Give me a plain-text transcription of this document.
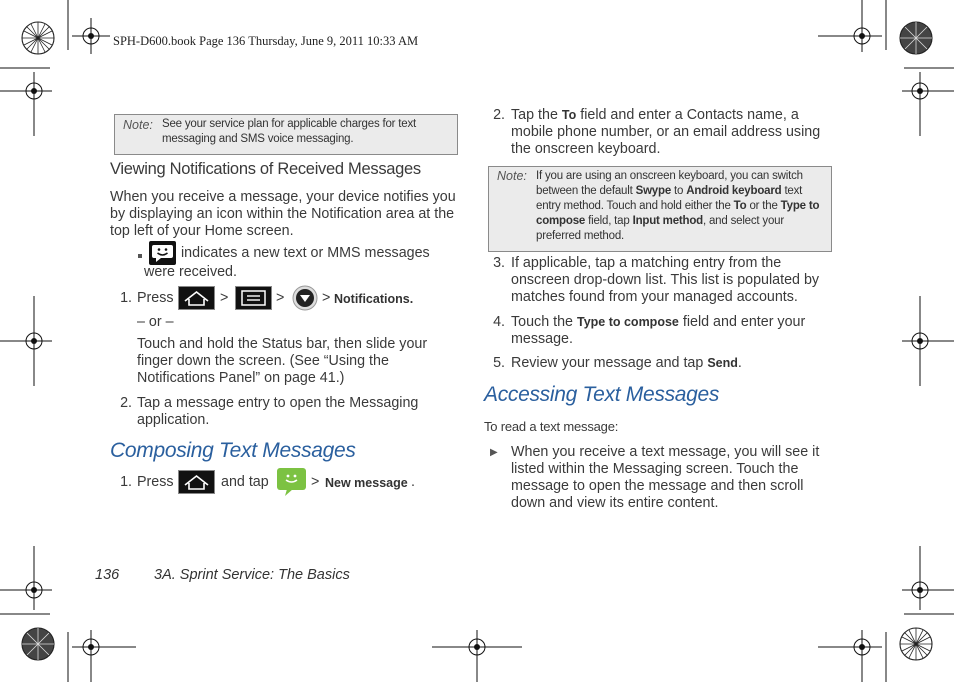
SPH-D600.book Page 136 Thursday, June 9, 2011 10:33 AM
Note: See your service plan for applicable charges for text messaging and SMS voice messaging.
Viewing Notifications of Received Messages
When you receive a message, your device notifies you by displaying an icon within the Notification area at the top left of your Home screen.
indicates a new text or MMS messages
were received.
1. Press	>	>	> Notifications.
– or –
Touch and hold the Status bar, then slide your finger down the screen. (See “Using the Notifications Panel” on page 41.)
2. Tap a message entry to open the Messaging application.
Composing Text Messages
1. Press	and tap	> New message .
2. Tap the To field and enter a Contacts name, a mobile phone number, or an email address using the onscreen keyboard.
Note: If you are using an onscreen keyboard, you can switch between the default Swype to Android keyboard text entry method. Touch and hold either the To or the Type to compose field, tap Input method, and select your preferred method.
3. If applicable, tap a matching entry from the onscreen drop-down list. This list is populated by matches found from your managed accounts.
4. Touch the Type to compose field and enter your message.
5. Review your message and tap Send.
Accessing Text Messages
To read a text message:
▶ When you receive a text message, you will see it listed within the Messaging screen. Touch the message to open the message and then scroll down and view its entire content.
136 3A. Sprint Service: The Basics
